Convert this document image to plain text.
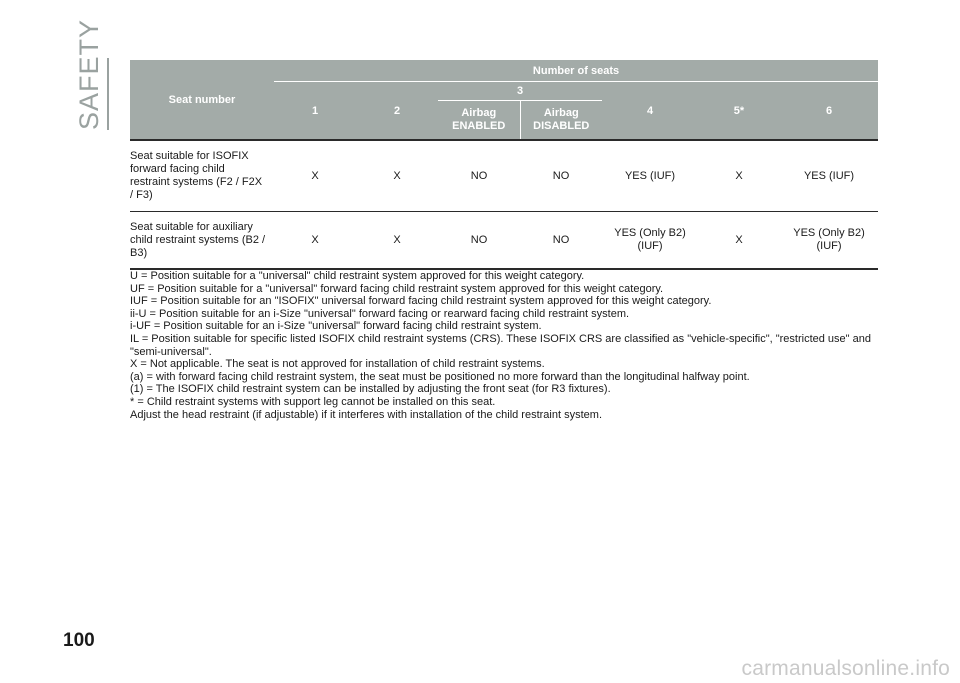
SAFETY	Seat number	Number of seats						
	1	2	3		4	5*	6
			Airbag ENABLED	Airbag DISABLED			
Seat suitable for ISOFIX forward facing child restraint systems (F2 / F2X / F3)	X	X	NO	NO	YES (IUF)	X	YES (IUF)
Seat suitable for auxiliary child restraint systems (B2 / B3)	X	X	NO	NO	YES (Only B2) (IUF)	X	YES (Only B2) (IUF)

U = Position suitable for a "universal" child restraint system approved for this weight category.

UF = Position suitable for a "universal" forward facing child restraint system approved for this weight category.

IUF = Position suitable for an "ISOFIX" universal forward facing child restraint system approved for this weight category.

ii-U = Position suitable for an i-Size "universal" forward facing or rearward facing child restraint system.

i-UF = Position suitable for an i-Size "universal" forward facing child restraint system.

IL = Position suitable for specific listed ISOFIX child restraint systems (CRS). These ISOFIX CRS are classified as "vehicle-specific", "restricted use" and "semi-universal".

X = Not applicable. The seat is not approved for installation of child restraint systems.

(a) = with forward facing child restraint system, the seat must be positioned no more forward than the longitudinal halfway point.

(1) = The ISOFIX child restraint system can be installed by adjusting the front seat (for R3 fixtures).

* = Child restraint systems with support leg cannot be installed on this seat.

Adjust the head restraint (if adjustable) if it interferes with installation of the child restraint system.

100
carmanualsonline.info
